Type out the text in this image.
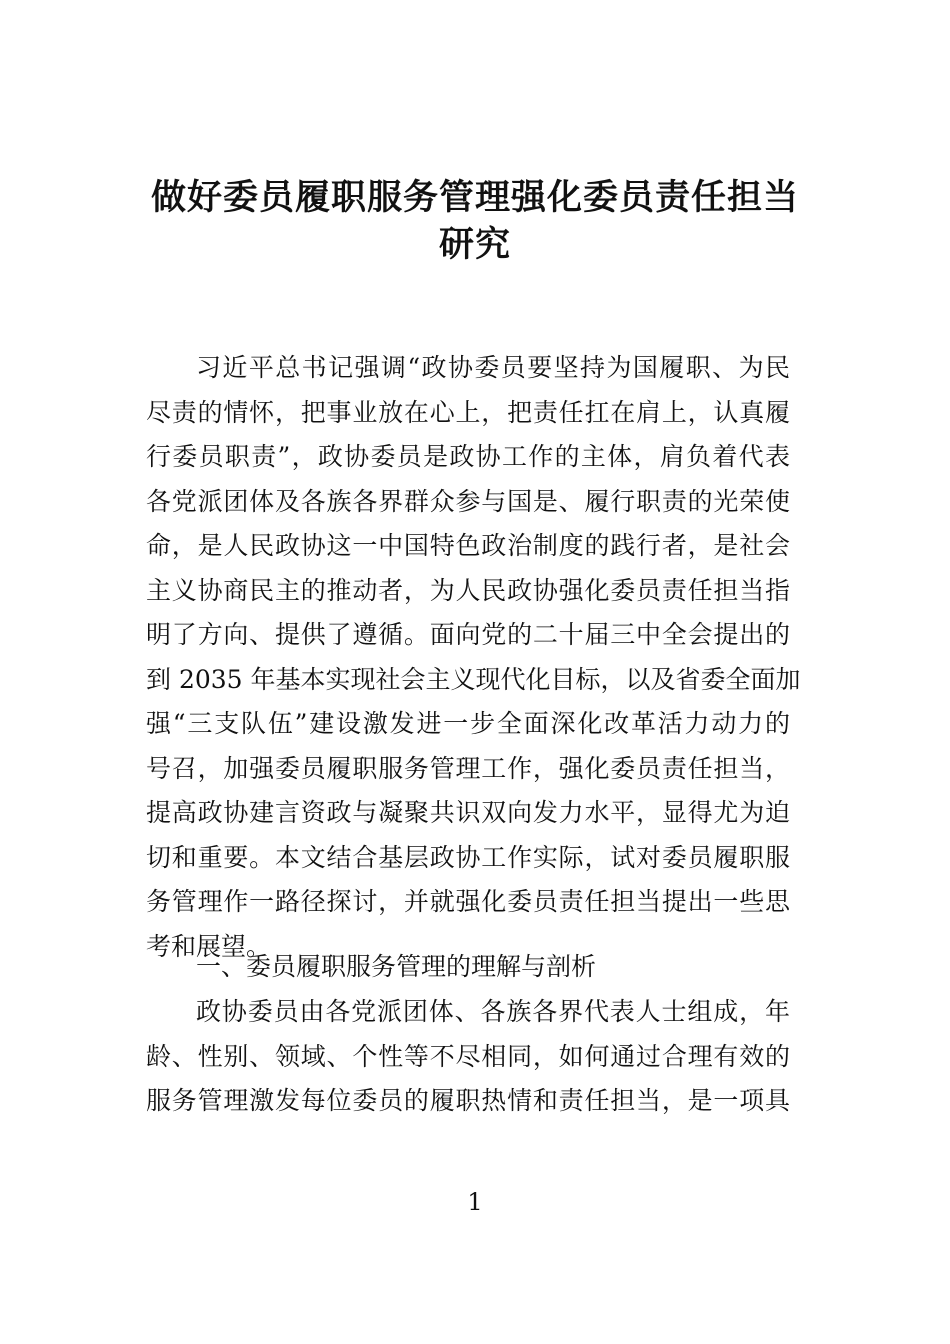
做好委员履职服务管理强化委员责任担当
研究
习近平总书记强调“政协委员要坚持为国履职、为民
尽责的情怀，把事业放在心上，把责任扛在肩上，认真履
行委员职责”，政协委员是政协工作的主体，肩负着代表
各党派团体及各族各界群众参与国是、履行职责的光荣使
命，是人民政协这一中国特色政治制度的践行者，是社会
主义协商民主的推动者，为人民政协强化委员责任担当指
明了方向、提供了遵循。面向党的二十届三中全会提出的
到 2035 年基本实现社会主义现代化目标，以及省委全面加
强“三支队伍”建设激发进一步全面深化改革活力动力的
号召，加强委员履职服务管理工作，强化委员责任担当，
提高政协建言资政与凝聚共识双向发力水平，显得尤为迫
切和重要。本文结合基层政协工作实际，试对委员履职服
务管理作一路径探讨，并就强化委员责任担当提出一些思
考和展望。
一、委员履职服务管理的理解与剖析
政协委员由各党派团体、各族各界代表人士组成，年
龄、性别、领域、个性等不尽相同，如何通过合理有效的
服务管理激发每位委员的履职热情和责任担当，是一项具
1
